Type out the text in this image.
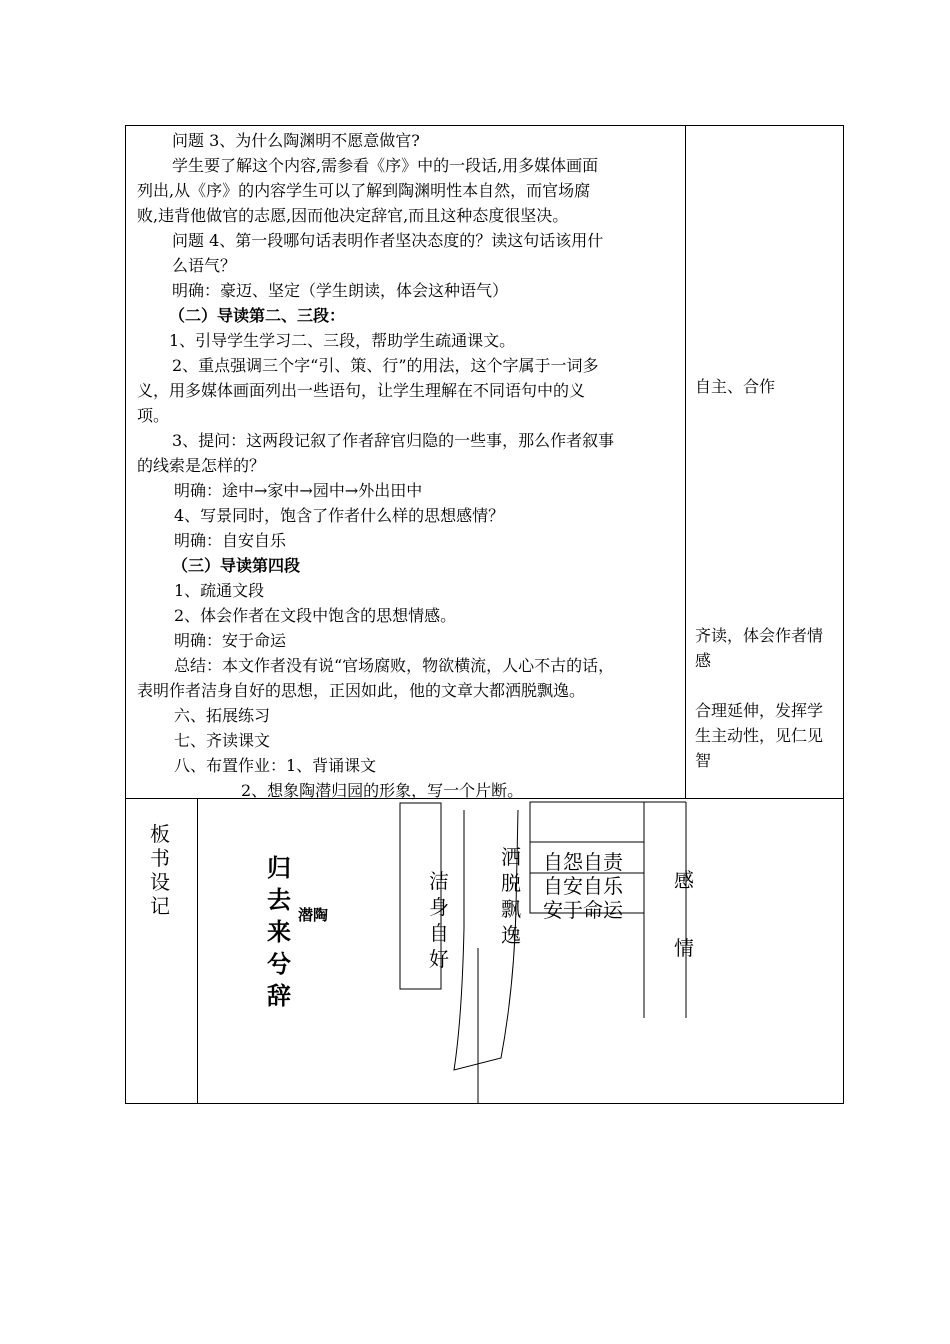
问题 3、为什么陶渊明不愿意做官?

学生要了解这个内容,需参看《序》中的一段话,用多媒体画面

列出,从《序》的内容学生可以了解到陶渊明性本自然，而官场腐

败,违背他做官的志愿,因而他决定辞官,而且这种态度很坚决。

问题 4、第一段哪句话表明作者坚决态度的？读这句话该用什

么语气？

明确：豪迈、坚定（学生朗读，体会这种语气）

（二）导读第二、三段：

1、引导学生学习二、三段，帮助学生疏通课文。

2、重点强调三个字“引、策、行”的用法，这个字属于一词多

义，用多媒体画面列出一些语句，让学生理解在不同语句中的义

项。

3、提问：这两段记叙了作者辞官归隐的一些事，那么作者叙事

的线索是怎样的？

明确：途中→家中→园中→外出田中

4、写景同时，饱含了作者什么样的思想感情？

明确：自安自乐

（三）导读第四段

1、疏通文段

2、体会作者在文段中饱含的思想情感。

明确：安于命运

总结：本文作者没有说“官场腐败，物欲横流，人心不古的话，

表明作者洁身自好的思想，正因如此，他的文章大都洒脱飘逸。

六、拓展练习

七、齐读课文

八、布置作业：1、背诵课文

2、想象陶潜归园的形象，写一个片断。

自主、合作

齐读，体会作者情感

合理延伸，发挥学生主动性，见仁见智

板书设记
归去来兮辞
潜陶
洁身自好
洒脱飘逸
自怨自责
自安自乐
安于命运
感
情
